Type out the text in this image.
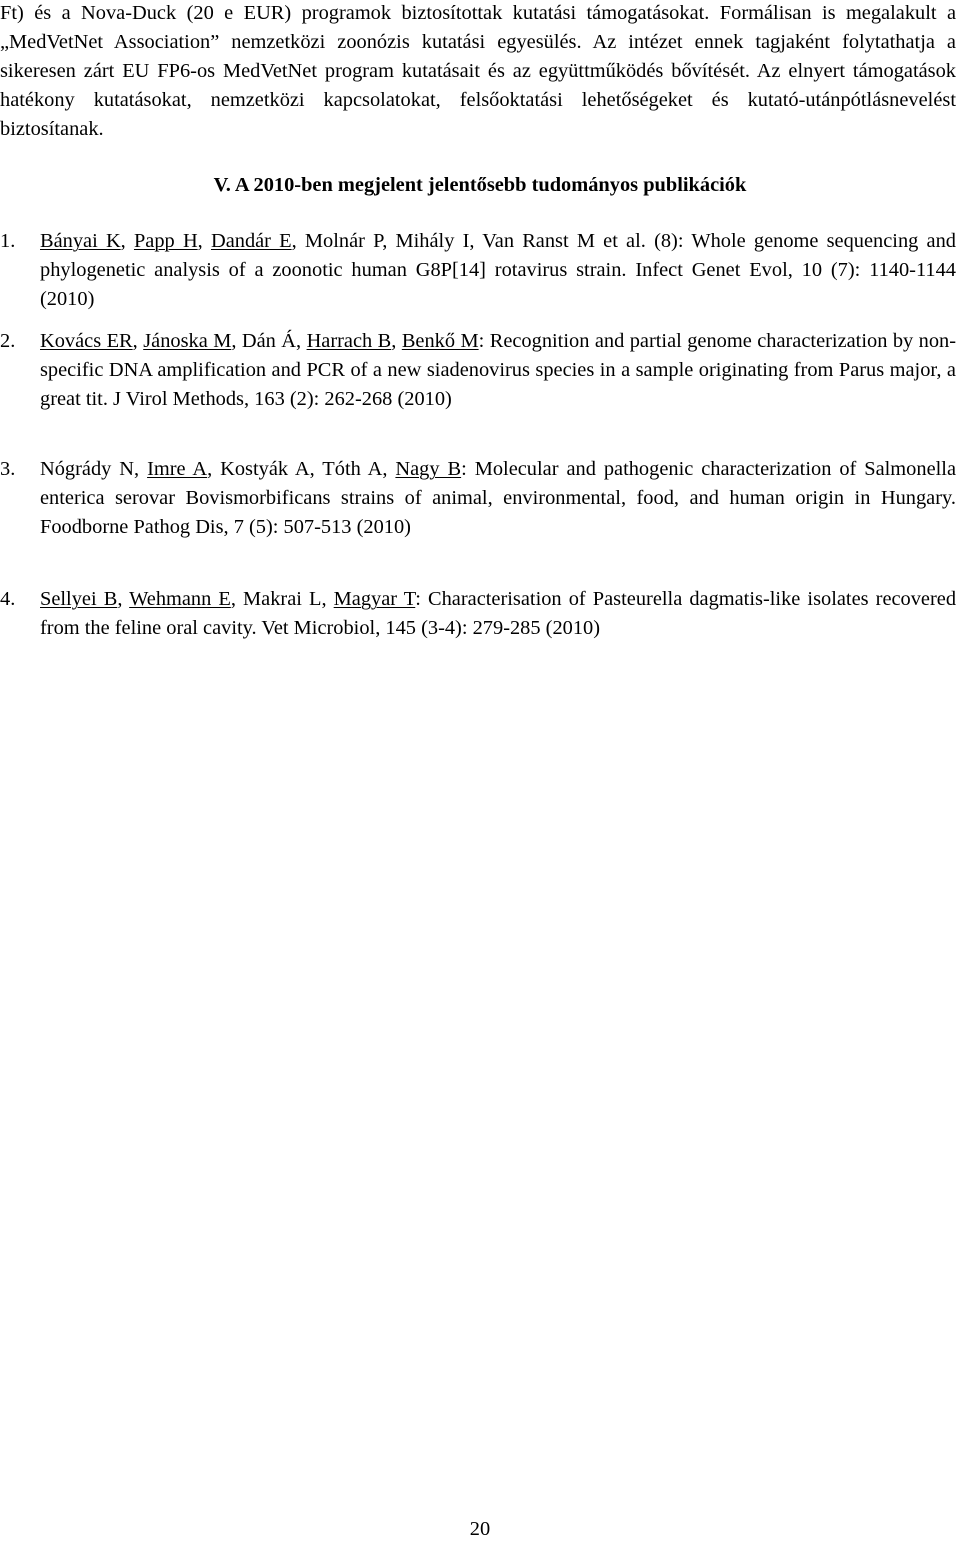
Ft) és a Nova-Duck (20 e EUR) programok biztosítottak kutatási támogatásokat. Formálisan is megalakult a „MedVetNet Association” nemzetközi zoonózis kutatási egyesülés. Az intézet ennek tagjaként folytathatja a sikeresen zárt EU FP6-os MedVetNet program kutatásait és az együttműködés bővítését. Az elnyert támogatások hatékony kutatásokat, nemzetközi kapcsolatokat, felsőoktatási lehetőségeket és kutató-utánpótlásnevelést biztosítanak.

V. A 2010-ben megjelent jelentősebb tudományos publikációk
1.	Bányai K, Papp H, Dandár E, Molnár P, Mihály I, Van Ranst M et al. (8): Whole genome sequencing and phylogenetic analysis of a zoonotic human G8P[14] rotavirus strain. Infect Genet Evol, 10 (7): 1140-1144 (2010)
2.	Kovács ER, Jánoska M, Dán Á, Harrach B, Benkő M: Recognition and partial genome characterization by non-specific DNA amplification and PCR of a new siadenovirus species in a sample originating from Parus major, a great tit. J Virol Methods, 163 (2): 262-268 (2010)
3.	Nógrády N, Imre A, Kostyák A, Tóth A, Nagy B: Molecular and pathogenic characterization of Salmonella enterica serovar Bovismorbificans strains of animal, environmental, food, and human origin in Hungary. Foodborne Pathog Dis, 7 (5): 507-513 (2010)
4.	Sellyei B, Wehmann E, Makrai L, Magyar T: Characterisation of Pasteurella dagmatis-like isolates recovered from the feline oral cavity. Vet Microbiol, 145 (3-4): 279-285 (2010)
20
